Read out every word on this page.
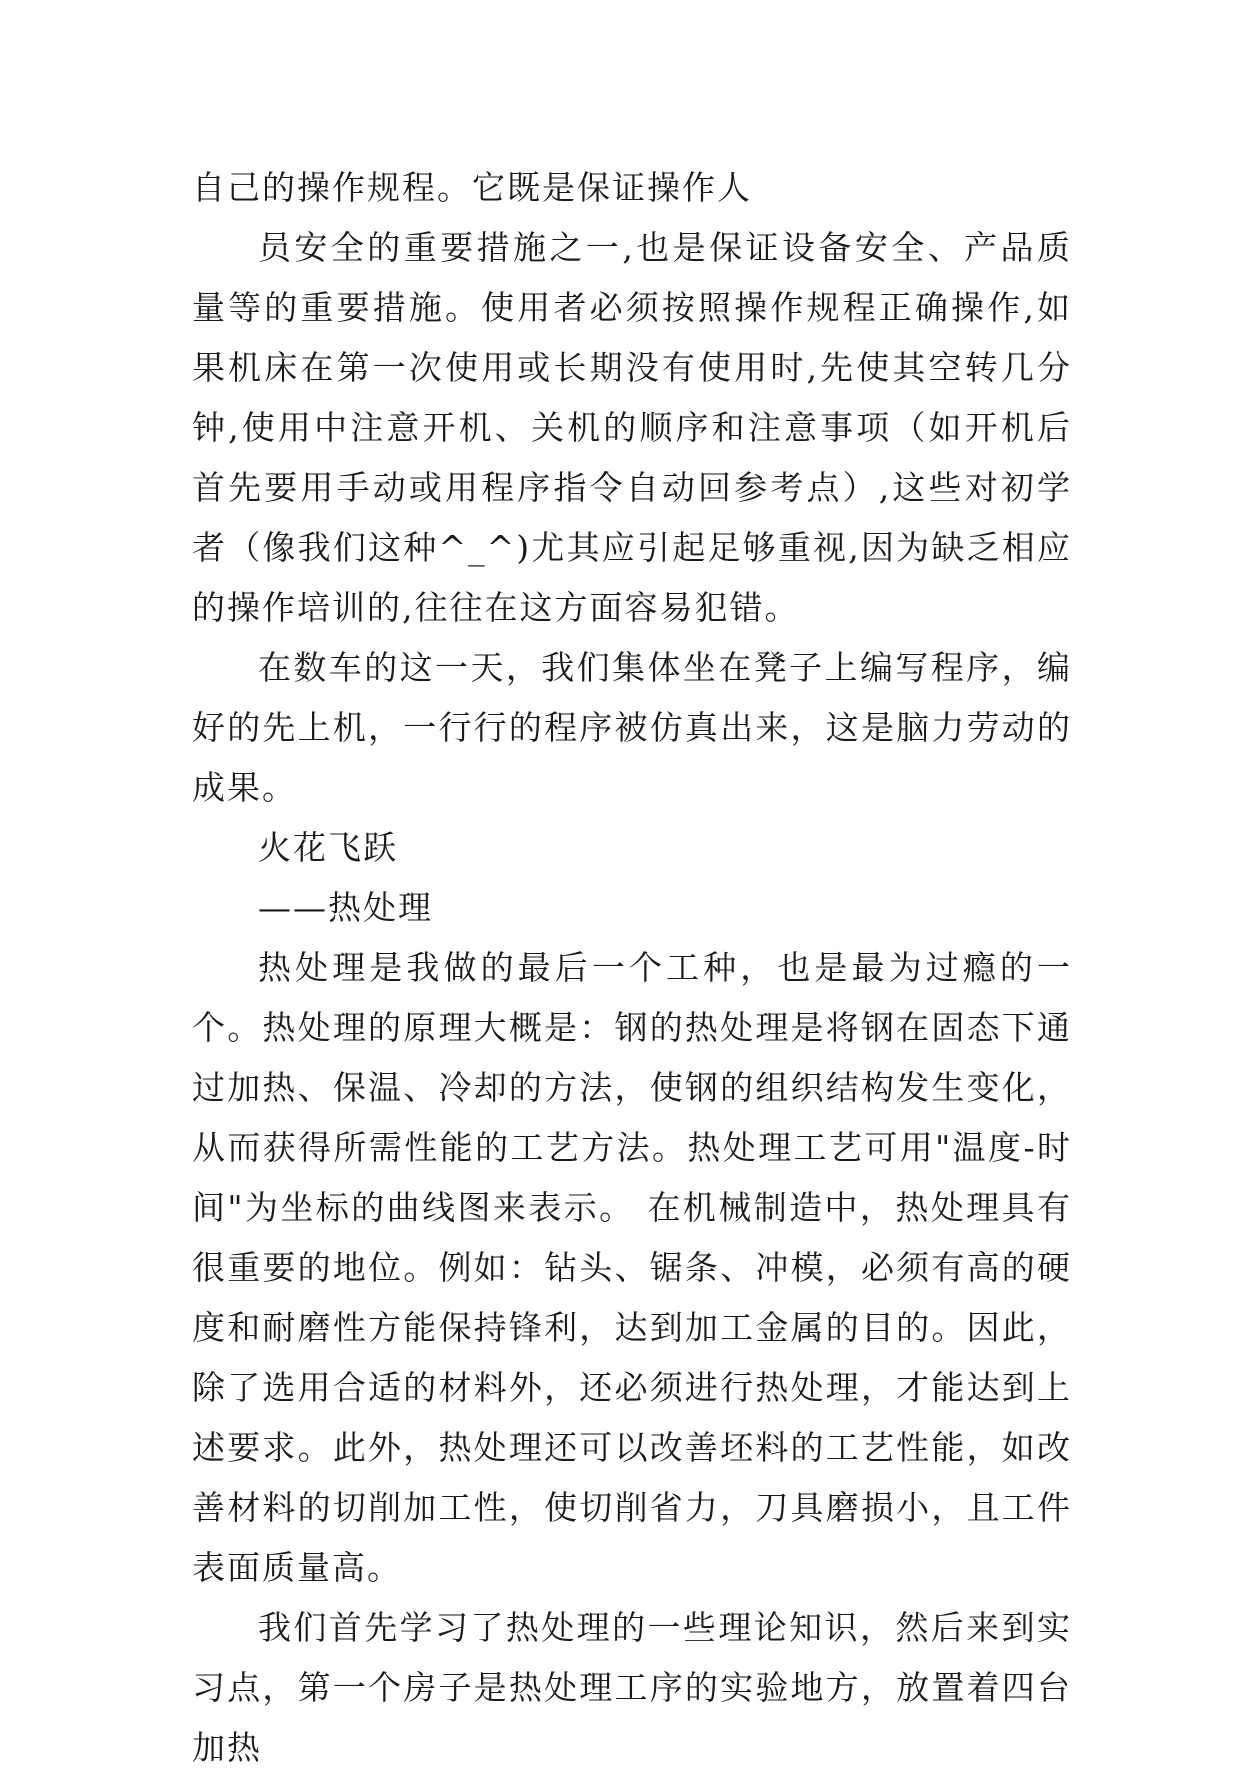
自己的操作规程。它既是保证操作人

员安全的重要措施之一,也是保证设备安全、产品质量等的重要措施。使用者必须按照操作规程正确操作,如果机床在第一次使用或长期没有使用时,先使其空转几分钟,使用中注意开机、关机的顺序和注意事项（如开机后首先要用手动或用程序指令自动回参考点）,这些对初学者（像我们这种^_^)尤其应引起足够重视,因为缺乏相应的操作培训的,往往在这方面容易犯错。

在数车的这一天，我们集体坐在凳子上编写程序，编好的先上机，一行行的程序被仿真出来，这是脑力劳动的成果。

火花飞跃

——热处理

热处理是我做的最后一个工种，也是最为过瘾的一个。热处理的原理大概是：钢的热处理是将钢在固态下通过加热、保温、冷却的方法，使钢的组织结构发生变化，从而获得所需性能的工艺方法。热处理工艺可用"温度-时间"为坐标的曲线图来表示。 在机械制造中，热处理具有很重要的地位。例如：钻头、锯条、冲模，必须有高的硬度和耐磨性方能保持锋利，达到加工金属的目的。因此，除了选用合适的材料外，还必须进行热处理，才能达到上述要求。此外，热处理还可以改善坯料的工艺性能，如改善材料的切削加工性，使切削省力，刀具磨损小，且工件表面质量高。

我们首先学习了热处理的一些理论知识，然后来到实习点，第一个房子是热处理工序的实验地方，放置着四台加热
